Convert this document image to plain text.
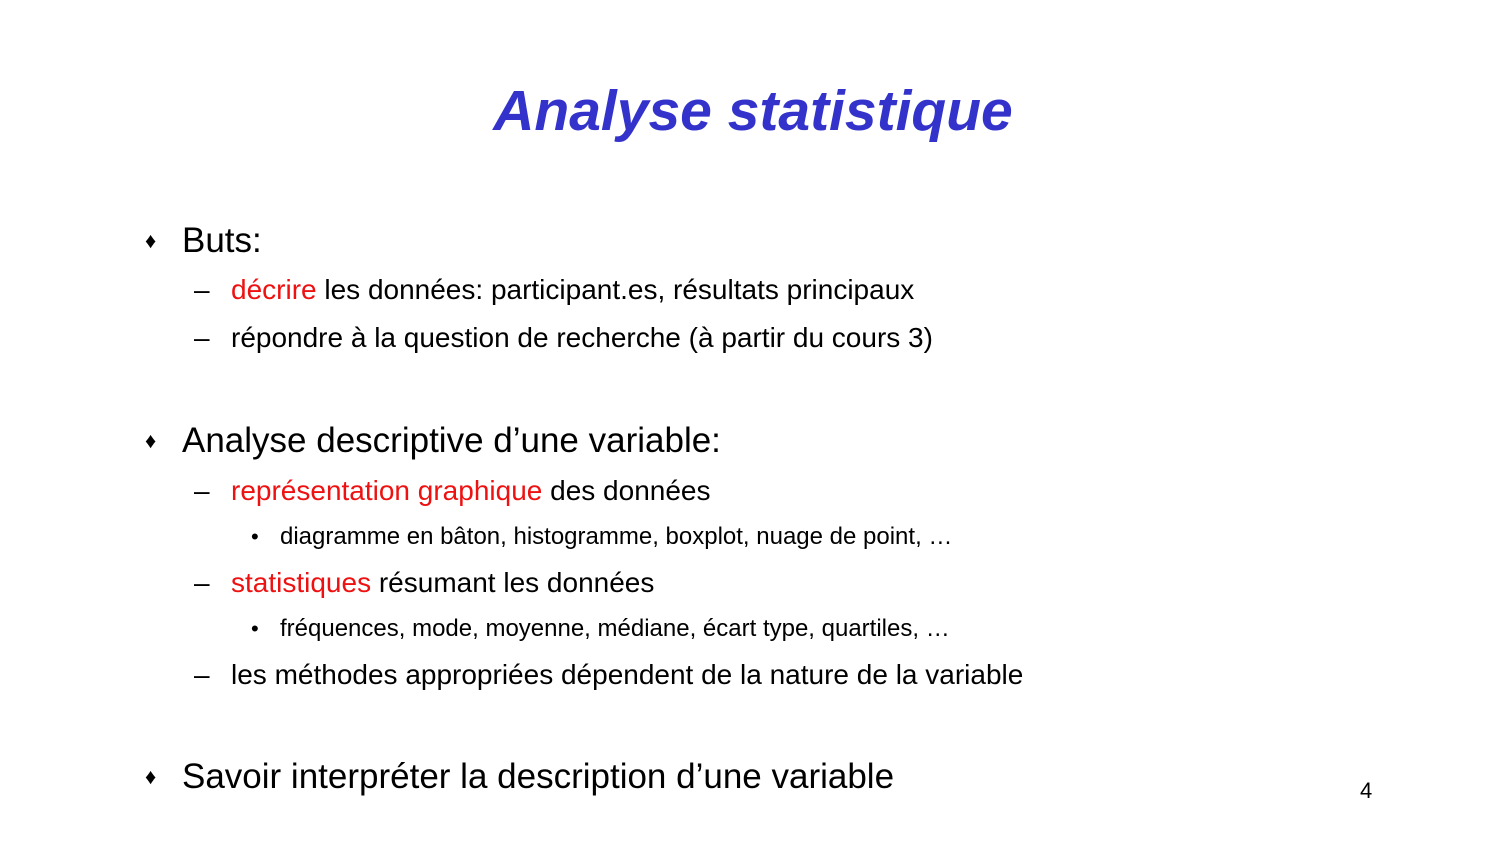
Analyse statistique
♦ Buts:
– décrire les données: participant.es, résultats principaux
– répondre à la question de recherche (à partir du cours 3)
♦ Analyse descriptive d’une variable:
– représentation graphique des données
• diagramme en bâton, histogramme, boxplot, nuage de point, …
– statistiques résumant les données
• fréquences, mode, moyenne, médiane, écart type, quartiles, …
– les méthodes appropriées dépendent de la nature de la variable
♦ Savoir interpréter la description d’une variable	4
